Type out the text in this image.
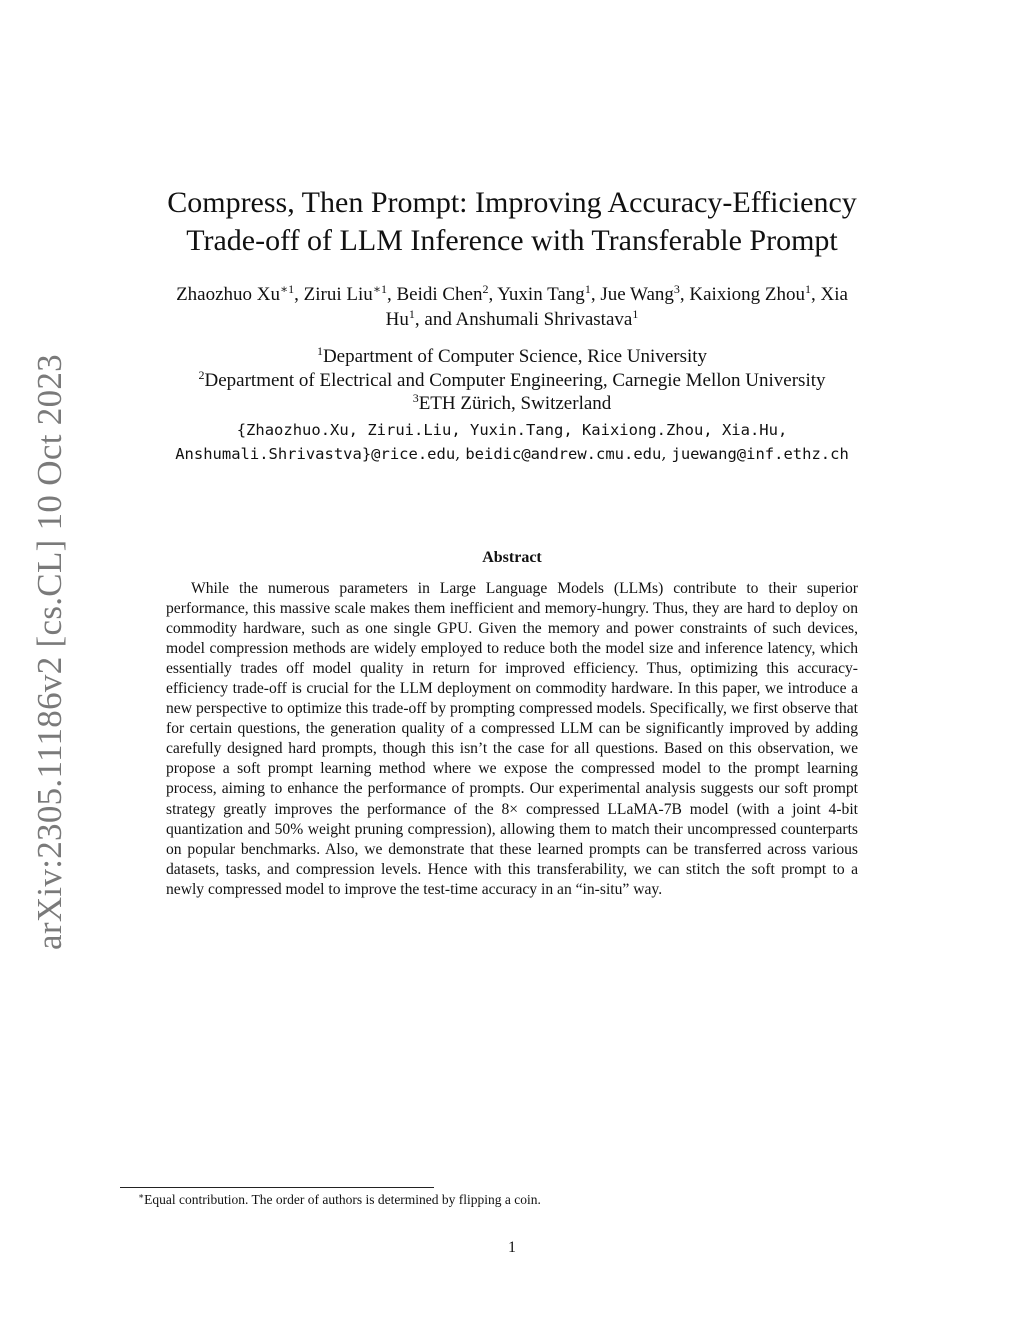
arXiv:2305.11186v2 [cs.CL] 10 Oct 2023
Compress, Then Prompt: Improving Accuracy-Efficiency
Trade-off of LLM Inference with Transferable Prompt
Zhaozhuo $Xu^{∗1}$, Zirui Liu$^{∗1}$, Beidi Chen$^2$, Yuxin Tang$^1$, Jue Wang$^3$, Kaixiong Zhou$^1$, Xia
Hu$^1$, and Anshumali Shrivastava$^1$
$^1$Department of Computer Science, Rice University
$^2$Department of Electrical and Computer Engineering, Carnegie Mellon University
$^3$ETH Zürich, Switzerland
{Zhaozhuo.Xu, Zirui.Liu, Yuxin.Tang, Kaixiong.Zhou, Xia.Hu,
Anshumali.Shrivastva}@rice.edu, beidic@andrew.cmu.edu, juewang@inf.ethz.ch
Abstract
While the numerous parameters in Large Language Models (LLMs) contribute to their superior performance, this massive scale makes them inefficient and memory-hungry. Thus, they are hard to deploy on commodity hardware, such as one single GPU. Given the memory and power constraints of such devices, model compression methods are widely employed to reduce both the model size and inference latency, which essentially trades off model quality in return for improved efficiency. Thus, optimizing this accuracy-efficiency trade-off is crucial for the LLM deployment on commodity hardware. In this paper, we introduce a new perspective to optimize this trade-off by prompting compressed models. Specifically, we first observe that for certain questions, the generation quality of a compressed LLM can be significantly improved by adding carefully designed hard prompts, though this isn’t the case for all questions. Based on this observation, we propose a soft prompt learning method where we expose the compressed model to the prompt learning process, aiming to enhance the performance of prompts. Our experimental analysis suggests our soft prompt strategy greatly improves the performance of the 8× compressed LLaMA-7B model (with a joint 4-bit quantization and 50% weight pruning compression), allowing them to match their uncompressed counterparts on popular benchmarks. Also, we demonstrate that these learned prompts can be transferred across various datasets, tasks, and compression levels. Hence with this transferability, we can stitch the soft prompt to a newly compressed model to improve the test-time accuracy in an “in-situ” way.
∗Equal contribution. The order of authors is determined by flipping a coin.
1
